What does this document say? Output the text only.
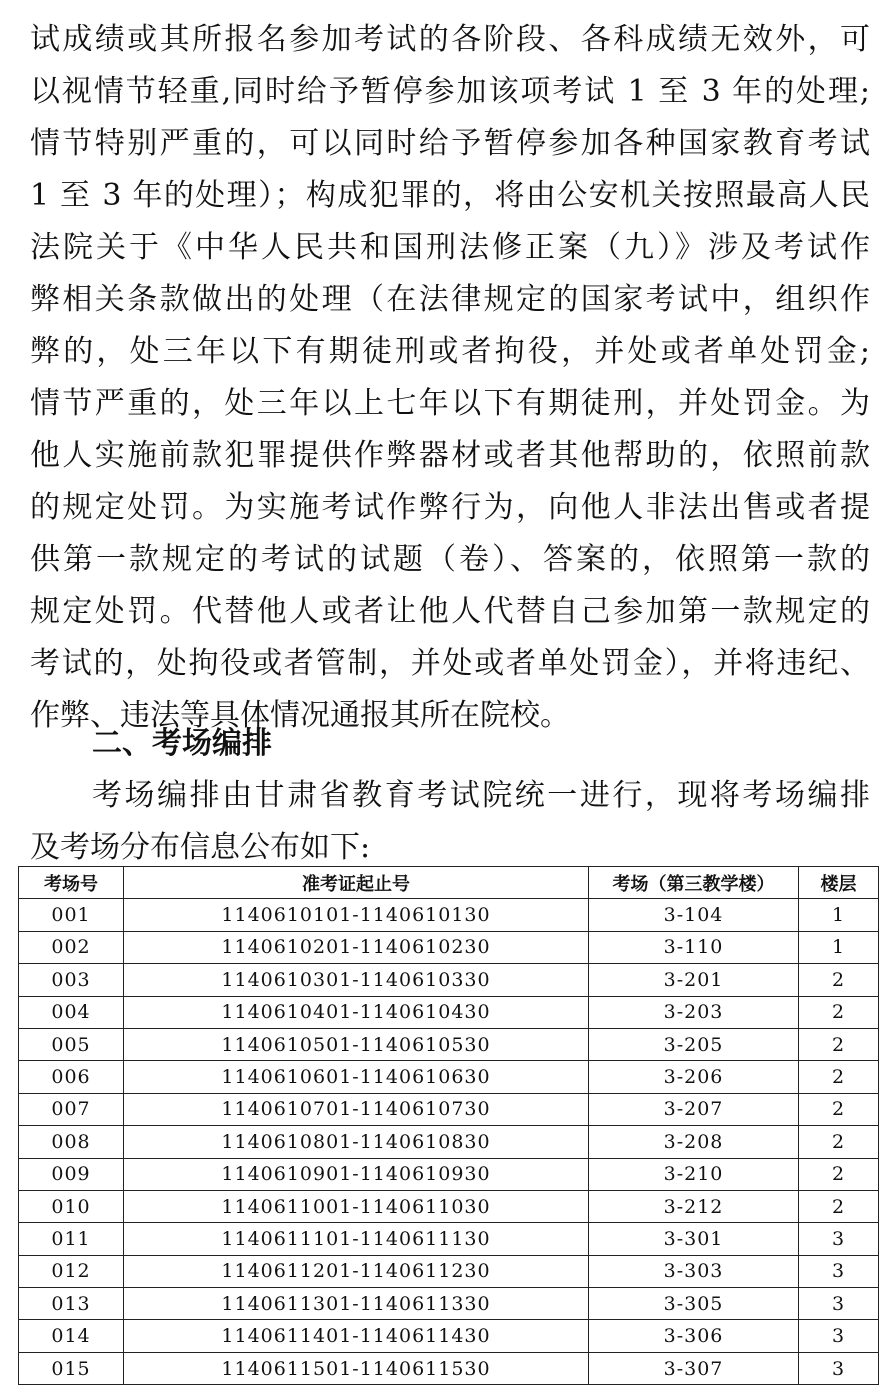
试成绩或其所报名参加考试的各阶段、各科成绩无效外，可
以视情节轻重,同时给予暂停参加该项考试 1 至 3 年的处理;
情节特别严重的，可以同时给予暂停参加各种国家教育考试
1 至 3 年的处理）；构成犯罪的，将由公安机关按照最高人民
法院关于《中华人民共和国刑法修正案（九）》涉及考试作
弊相关条款做出的处理（在法律规定的国家考试中，组织作
弊的，处三年以下有期徒刑或者拘役，并处或者单处罚金;
情节严重的，处三年以上七年以下有期徒刑，并处罚金。为
他人实施前款犯罪提供作弊器材或者其他帮助的，依照前款
的规定处罚。为实施考试作弊行为，向他人非法出售或者提
供第一款规定的考试的试题（卷）、答案的，依照第一款的
规定处罚。代替他人或者让他人代替自己参加第一款规定的
考试的，处拘役或者管制，并处或者单处罚金），并将违纪、
作弊、违法等具体情况通报其所在院校。

二、考场编排

考场编排由甘肃省教育考试院统一进行，现将考场编排
及考场分布信息公布如下:

考场号	准考证起止号	考场（第三教学楼）	楼层
001	1140610101-1140610130	3-104	1
002	1140610201-1140610230	3-110	1
003	1140610301-1140610330	3-201	2
004	1140610401-1140610430	3-203	2
005	1140610501-1140610530	3-205	2
006	1140610601-1140610630	3-206	2
007	1140610701-1140610730	3-207	2
008	1140610801-1140610830	3-208	2
009	1140610901-1140610930	3-210	2
010	1140611001-1140611030	3-212	2
011	1140611101-1140611130	3-301	3
012	1140611201-1140611230	3-303	3
013	1140611301-1140611330	3-305	3
014	1140611401-1140611430	3-306	3
015	1140611501-1140611530	3-307	3
